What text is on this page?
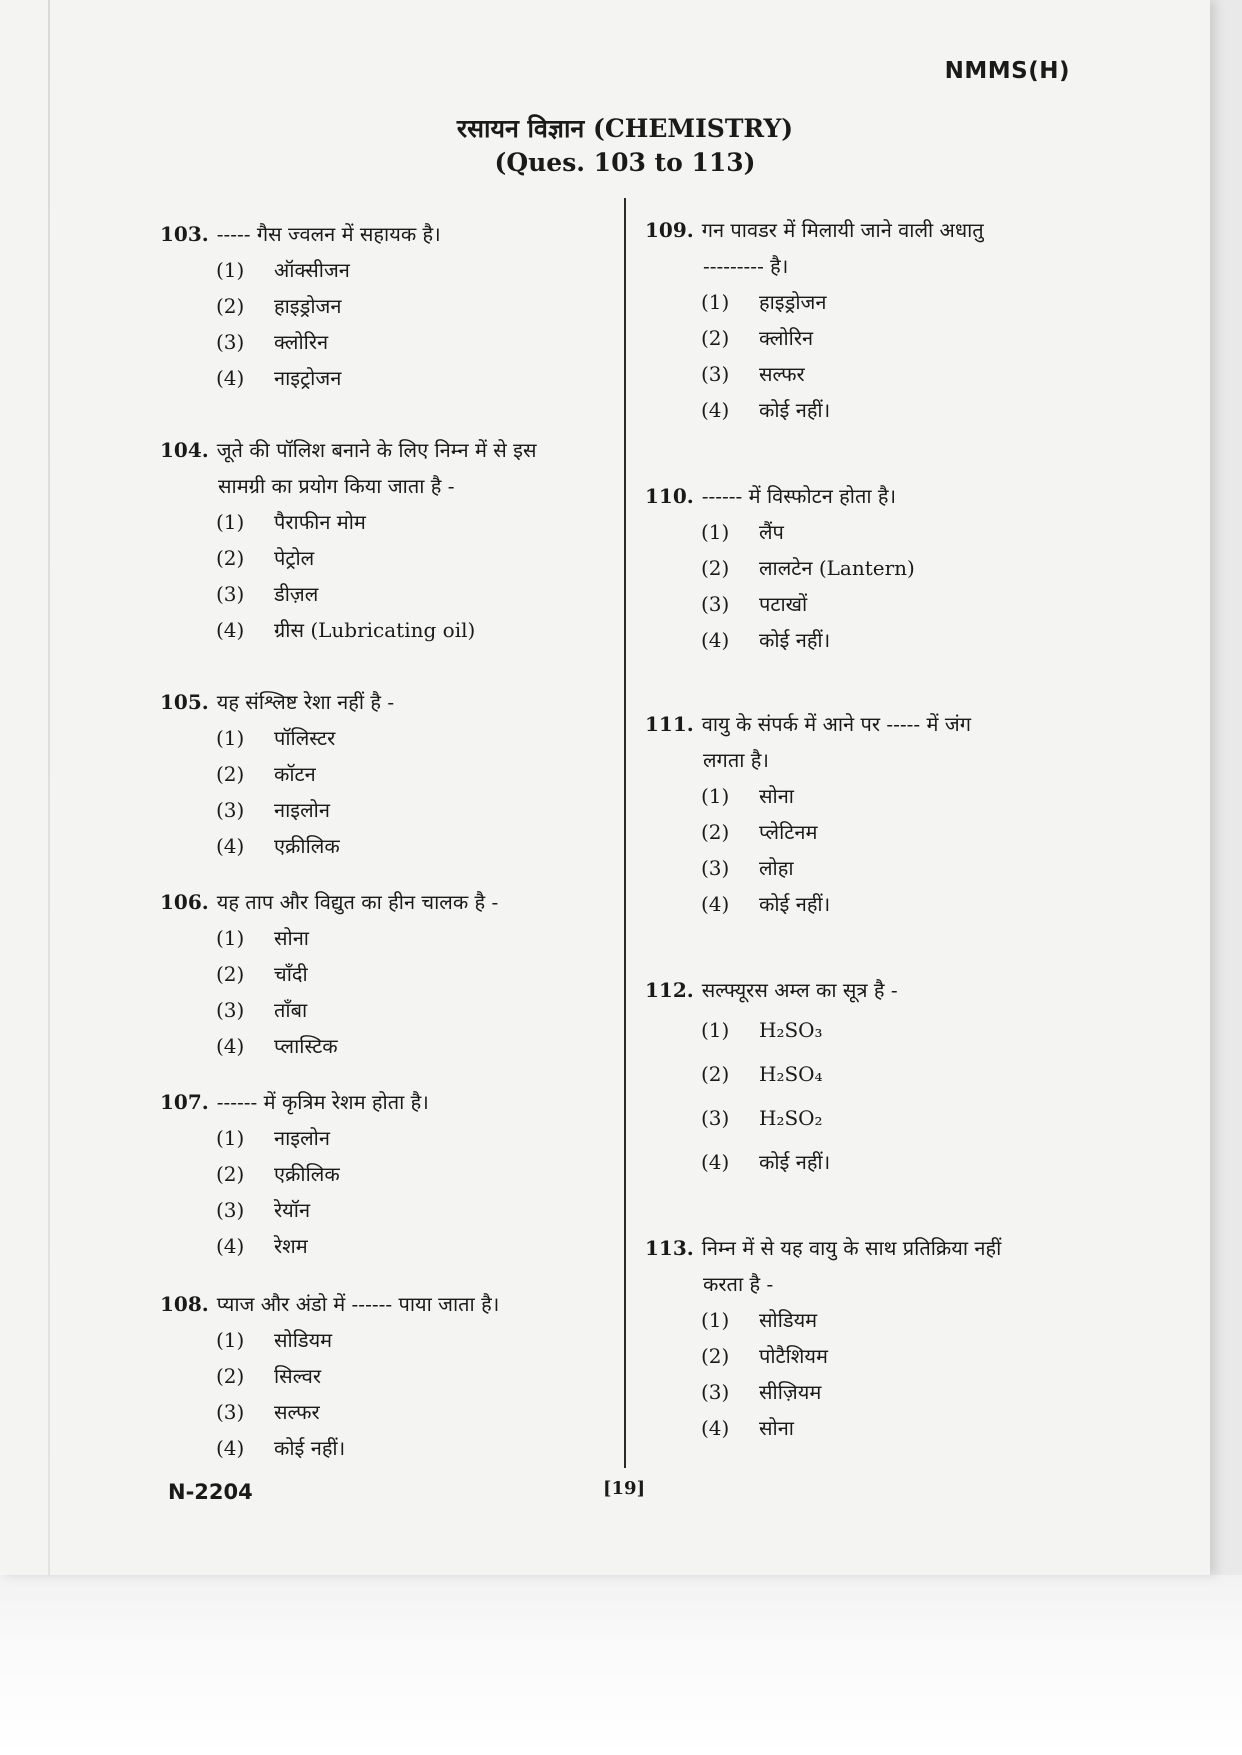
NMMS(H)
रसायन विज्ञान (CHEMISTRY)
(Ques. 103 to 113)
103. ----- गैस ज्वलन में सहायक है।
(1) ऑक्सीजन
(2) हाइड्रोजन
(3) क्लोरिन
(4) नाइट्रोजन
104. जूते की पॉलिश बनाने के लिए निम्न में से इस
सामग्री का प्रयोग किया जाता है -
(1) पैराफीन मोम
(2) पेट्रोल
(3) डीज़ल
(4) ग्रीस (Lubricating oil)
105. यह संश्लिष्ट रेशा नहीं है -
(1) पॉलिस्टर
(2) कॉटन
(3) नाइलोन
(4) एक्रीलिक
106. यह ताप और विद्युत का हीन चालक है -
(1) सोना
(2) चाँदी
(3) ताँबा
(4) प्लास्टिक
107. ------ में कृत्रिम रेशम होता है।
(1) नाइलोन
(2) एक्रीलिक
(3) रेयॉन
(4) रेशम
108. प्याज और अंडो में ------ पाया जाता है।
(1) सोडियम
(2) सिल्वर
(3) सल्फर
(4) कोई नहीं।
109. गन पावडर में मिलायी जाने वाली अधातु
--------- है।
(1) हाइड्रोजन
(2) क्लोरिन
(3) सल्फर
(4) कोई नहीं।
110. ------ में विस्फोटन होता है।
(1) लैंप
(2) लालटेन (Lantern)
(3) पटाखों
(4) कोई नहीं।
111. वायु के संपर्क में आने पर ----- में जंग
लगता है।
(1) सोना
(2) प्लेटिनम
(3) लोहा
(4) कोई नहीं।
112. सल्फ्यूरस अम्ल का सूत्र है -
(1) H₂SO₃
(2) H₂SO₄
(3) H₂SO₂
(4) कोई नहीं।
113. निम्न में से यह वायु के साथ प्रतिक्रिया नहीं
करता है -
(1) सोडियम
(2) पोटैशियम
(3) सीज़ियम
(4) सोना
N-2204	[19]
